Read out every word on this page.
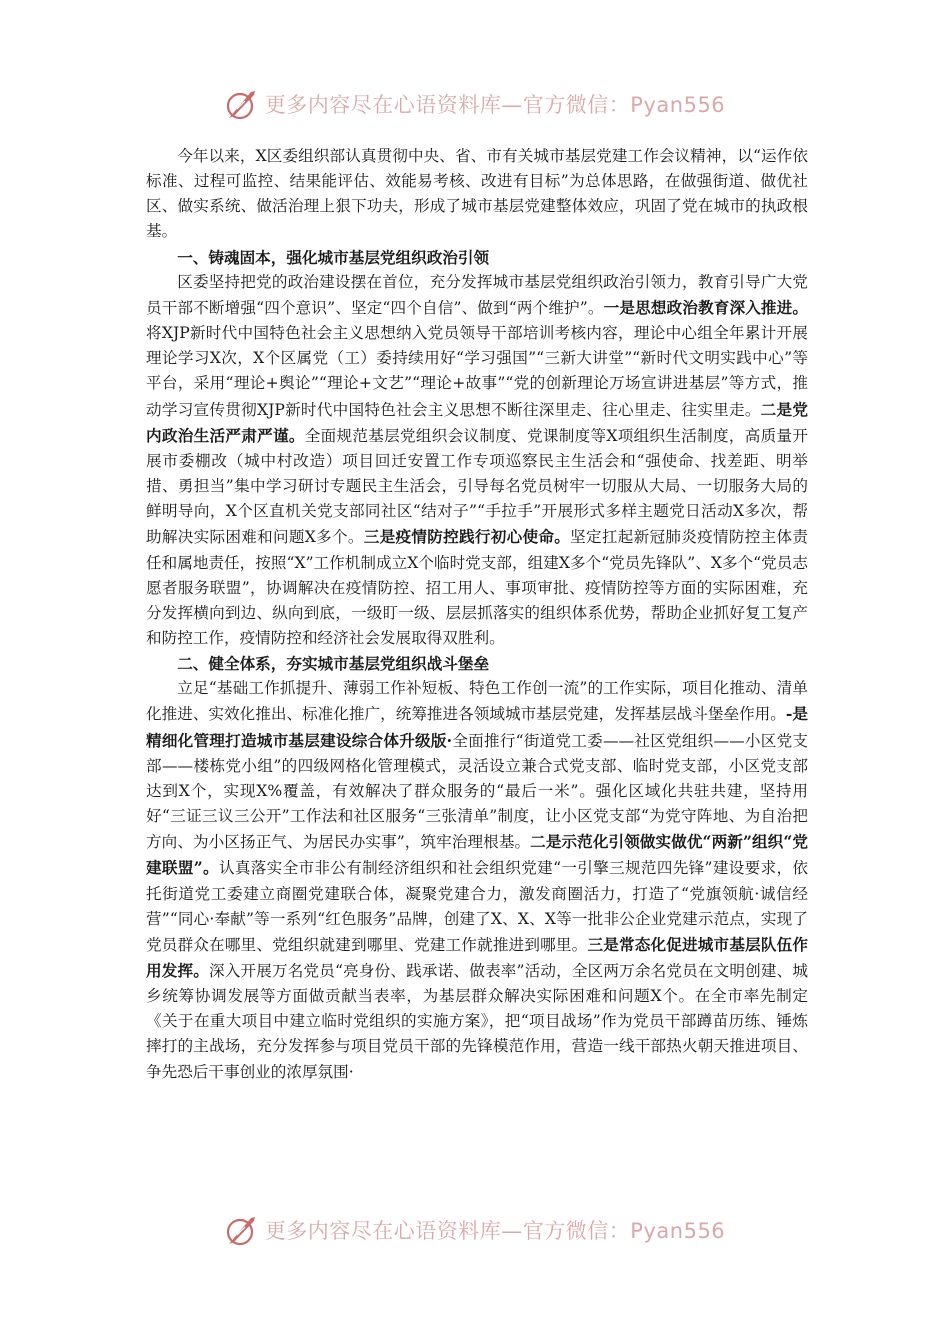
更多内容尽在心语资料库—官方微信：Pyan556

今年以来，X区委组织部认真贯彻中央、省、市有关城市基层党建工作会议精神，以“运作依标准、过程可监控、结果能评估、效能易考核、改进有目标”为总体思路，在做强街道、做优社区、做实系统、做活治理上狠下功夫，形成了城市基层党建整体效应，巩固了党在城市的执政根基。

一、铸魂固本，强化城市基层党组织政治引领

区委坚持把党的政治建设摆在首位，充分发挥城市基层党组织政治引领力，教育引导广大党员干部不断增强“四个意识”、坚定“四个自信”、做到“两个维护”。一是思想政治教育深入推进。将XJP新时代中国特色社会主义思想纳入党员领导干部培训考核内容，理论中心组全年累计开展理论学习X次，X个区属党（工）委持续用好“学习强国”“三新大讲堂”“新时代文明实践中心”等平台，采用“理论+舆论”“理论+文艺”“理论+故事”“党的创新理论万场宣讲进基层”等方式，推动学习宣传贯彻XJP新时代中国特色社会主义思想不断往深里走、往心里走、往实里走。二是党内政治生活严肃严谨。全面规范基层党组织会议制度、党课制度等X项组织生活制度，高质量开展市委棚改（城中村改造）项目回迁安置工作专项巡察民主生活会和“强使命、找差距、明举措、勇担当”集中学习研讨专题民主生活会，引导每名党员树牢一切服从大局、一切服务大局的鲜明导向，X个区直机关党支部同社区“结对子”“手拉手”开展形式多样主题党日活动X多次，帮助解决实际困难和问题X多个。三是疫情防控践行初心使命。坚定扛起新冠肺炎疫情防控主体责任和属地责任，按照“X”工作机制成立X个临时党支部，组建X多个“党员先锋队”、X多个“党员志愿者服务联盟”，协调解决在疫情防控、招工用人、事项审批、疫情防控等方面的实际困难，充分发挥横向到边、纵向到底，一级盯一级、层层抓落实的组织体系优势，帮助企业抓好复工复产和防控工作，疫情防控和经济社会发展取得双胜利。

二、健全体系，夯实城市基层党组织战斗堡垒

立足“基础工作抓提升、薄弱工作补短板、特色工作创一流”的工作实际，项目化推动、清单化推进、实效化推出、标准化推广，统筹推进各领域城市基层党建，发挥基层战斗堡垒作用。-是精细化管理打造城市基层建设综合体升级版·全面推行“街道党工委——社区党组织——小区党支部——楼栋党小组”的四级网格化管理模式，灵活设立兼合式党支部、临时党支部，小区党支部达到X个，实现X%覆盖，有效解决了群众服务的“最后一米”。强化区域化共驻共建，坚持用好“三证三议三公开”工作法和社区服务“三张清单”制度，让小区党支部“为党守阵地、为自治把方向、为小区扬正气、为居民办实事”，筑牢治理根基。二是示范化引领做实做优“两新”组织“党建联盟”。认真落实全市非公有制经济组织和社会组织党建“一引擎三规范四先锋”建设要求，依托街道党工委建立商圈党建联合体，凝聚党建合力，激发商圈活力，打造了“党旗领航·诚信经营”“同心·奉献”等一系列“红色服务”品牌，创建了X、X、X等一批非公企业党建示范点，实现了党员群众在哪里、党组织就建到哪里、党建工作就推进到哪里。三是常态化促进城市基层队伍作用发挥。深入开展万名党员“亮身份、践承诺、做表率”活动，全区两万余名党员在文明创建、城乡统筹协调发展等方面做贡献当表率，为基层群众解决实际困难和问题X个。在全市率先制定《关于在重大项目中建立临时党组织的实施方案》，把“项目战场”作为党员干部蹲苗历练、锤炼摔打的主战场，充分发挥参与项目党员干部的先锋模范作用，营造一线干部热火朝天推进项目、争先恐后干事创业的浓厚氛围·

更多内容尽在心语资料库—官方微信：Pyan556
